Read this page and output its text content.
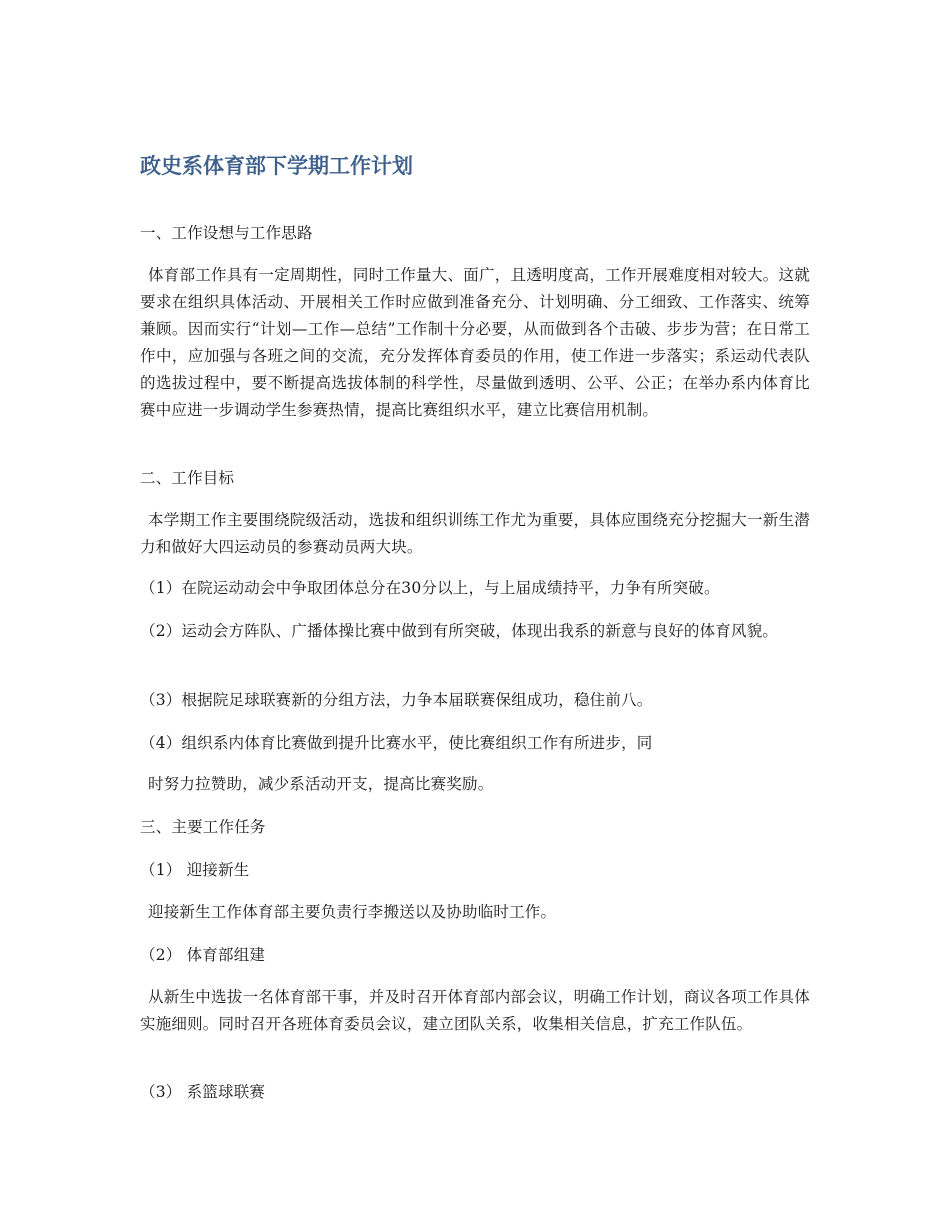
政史系体育部下学期工作计划

一、工作设想与工作思路

体育部工作具有一定周期性，同时工作量大、面广，且透明度高，工作开展难度相对较大。这就要求在组织具体活动、开展相关工作时应做到准备充分、计划明确、分工细致、工作落实、统筹兼顾。因而实行“计划—工作—总结”工作制十分必要，从而做到各个击破、步步为营；在日常工作中，应加强与各班之间的交流，充分发挥体育委员的作用，使工作进一步落实；系运动代表队的选拔过程中，要不断提高选拔体制的科学性，尽量做到透明、公平、公正；在举办系内体育比赛中应进一步调动学生参赛热情，提高比赛组织水平，建立比赛信用机制。

二、工作目标

本学期工作主要围绕院级活动，选拔和组织训练工作尤为重要，具体应围绕充分挖掘大一新生潜力和做好大四运动员的参赛动员两大块。

（1）在院运动动会中争取团体总分在30分以上，与上届成绩持平，力争有所突破。

（2）运动会方阵队、广播体操比赛中做到有所突破，体现出我系的新意与良好的体育风貌。

（3）根据院足球联赛新的分组方法，力争本届联赛保组成功，稳住前八。

（4）组织系内体育比赛做到提升比赛水平，使比赛组织工作有所进步，同

时努力拉赞助，减少系活动开支，提高比赛奖励。

三、主要工作任务

（1） 迎接新生

迎接新生工作体育部主要负责行李搬送以及协助临时工作。

（2） 体育部组建

从新生中选拔一名体育部干事，并及时召开体育部内部会议，明确工作计划，商议各项工作具体实施细则。同时召开各班体育委员会议，建立团队关系，收集相关信息，扩充工作队伍。

（3） 系篮球联赛
